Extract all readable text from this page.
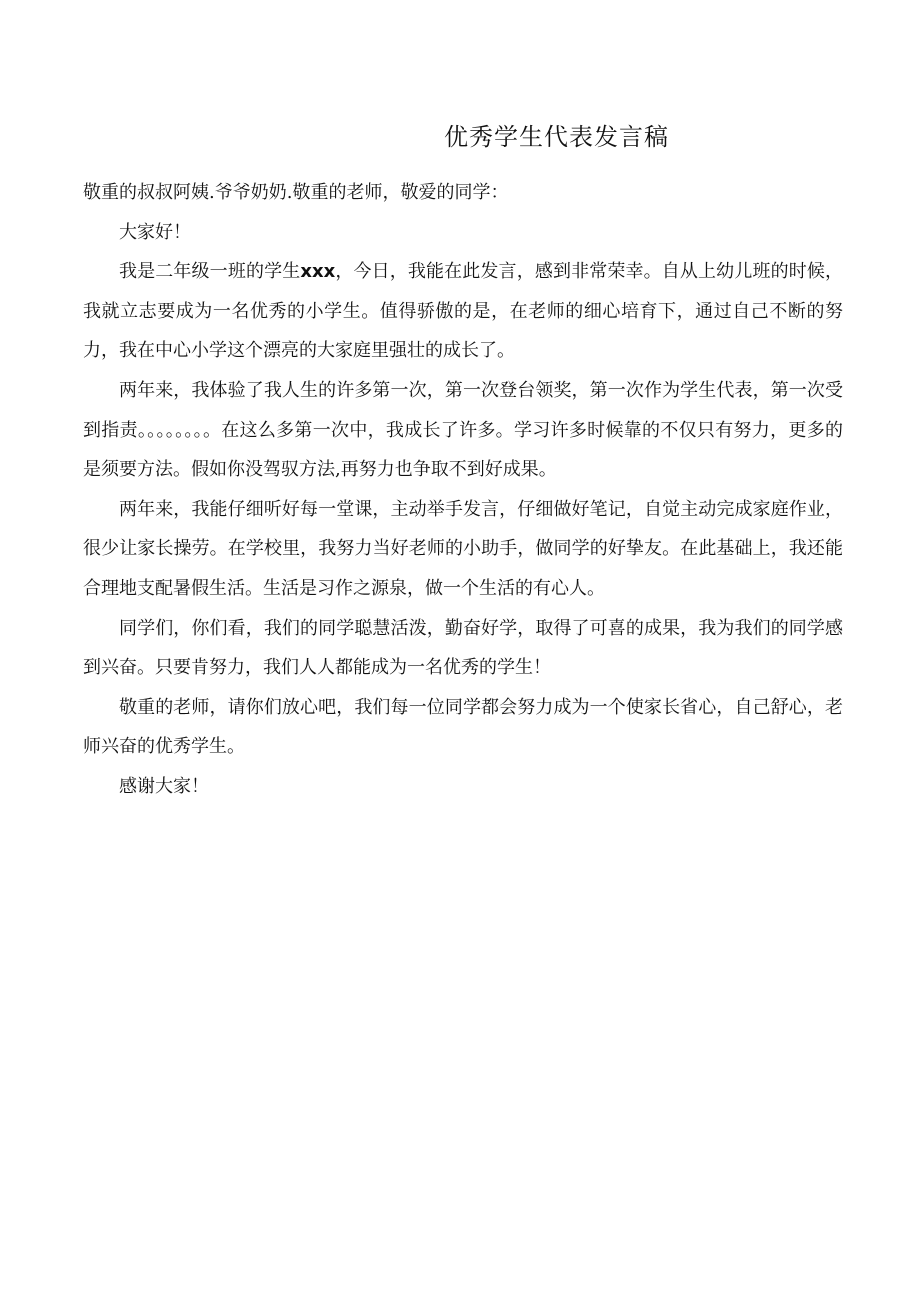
优秀学生代表发言稿

敬重的叔叔阿姨.爷爷奶奶.敬重的老师，敬爱的同学：

大家好！

我是二年级一班的学生xxx，今日，我能在此发言，感到非常荣幸。自从上幼儿班的时候，我就立志要成为一名优秀的小学生。值得骄傲的是，在老师的细心培育下，通过自己不断的努力，我在中心小学这个漂亮的大家庭里强壮的成长了。

两年来，我体验了我人生的许多第一次，第一次登台领奖，第一次作为学生代表，第一次受到指责。。。。。。。。在这么多第一次中，我成长了许多。学习许多时候靠的不仅只有努力，更多的是须要方法。假如你没驾驭方法,再努力也争取不到好成果。

两年来，我能仔细听好每一堂课，主动举手发言，仔细做好笔记，自觉主动完成家庭作业，很少让家长操劳。在学校里，我努力当好老师的小助手，做同学的好挚友。在此基础上，我还能合理地支配暑假生活。生活是习作之源泉，做一个生活的有心人。

同学们，你们看，我们的同学聪慧活泼，勤奋好学，取得了可喜的成果，我为我们的同学感到兴奋。只要肯努力，我们人人都能成为一名优秀的学生！

敬重的老师，请你们放心吧，我们每一位同学都会努力成为一个使家长省心，自己舒心，老师兴奋的优秀学生。

感谢大家！
